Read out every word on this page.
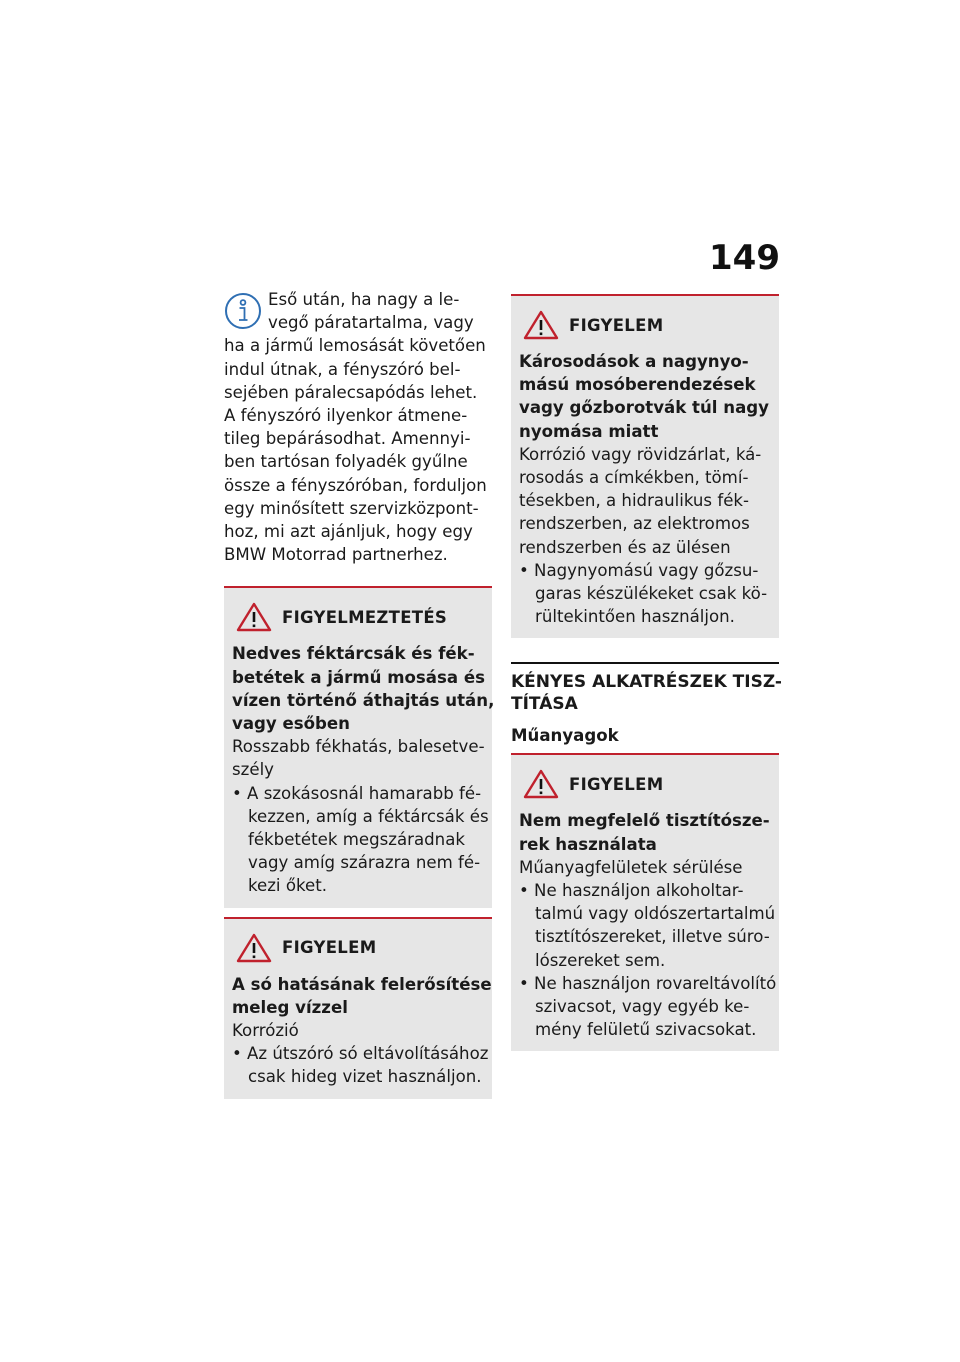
149
Eső után, ha nagy a le-
vegő páratartalma, vagy
ha a jármű lemosását követően
indul útnak, a fényszóró bel-
sejében páralecsapódás lehet.
A fényszóró ilyenkor átmene-
tileg bepárásodhat. Amennyi-
ben tartósan folyadék gyűlne
össze a fényszóróban, forduljon
egy minősített szervizközpont-
hoz, mi azt ajánljuk, hogy egy
BMW Motorrad partnerhez.
FIGYELMEZTETÉS
Nedves féktárcsák és fék-
betétek a jármű mosása és
vízen történő áthajtás után,
vagy esőben
Rosszabb fékhatás, balesetve-
szély
• A szokásosnál hamarabb fé-
kezzen, amíg a féktárcsák és
fékbetétek megszáradnak
vagy amíg szárazra nem fé-
kezi őket.
FIGYELEM
A só hatásának felerősítése
meleg vízzel
Korrózió
• Az útszóró só eltávolításához
csak hideg vizet használjon.
FIGYELEM
Károsodások a nagynyo-
mású mosóberendezések
vagy gőzborotvák túl nagy
nyomása miatt
Korrózió vagy rövidzárlat, ká-
rosodás a címkékben, tömí-
tésekben, a hidraulikus fék-
rendszerben, az elektromos
rendszerben és az ülésen
• Nagynyomású vagy gőzsu-
garas készülékeket csak kö-
rültekintően használjon.
KÉNYES ALKATRÉSZEK TISZ-
TÍTÁSA
Műanyagok
FIGYELEM
Nem megfelelő tisztítósze-
rek használata
Műanyagfelületek sérülése
• Ne használjon alkoholtar-
talmú vagy oldószertartalmú
tisztítószereket, illetve súro-
lószereket sem.
• Ne használjon rovareltávolító
szivacsot, vagy egyéb ke-
mény felületű szivacsokat.
